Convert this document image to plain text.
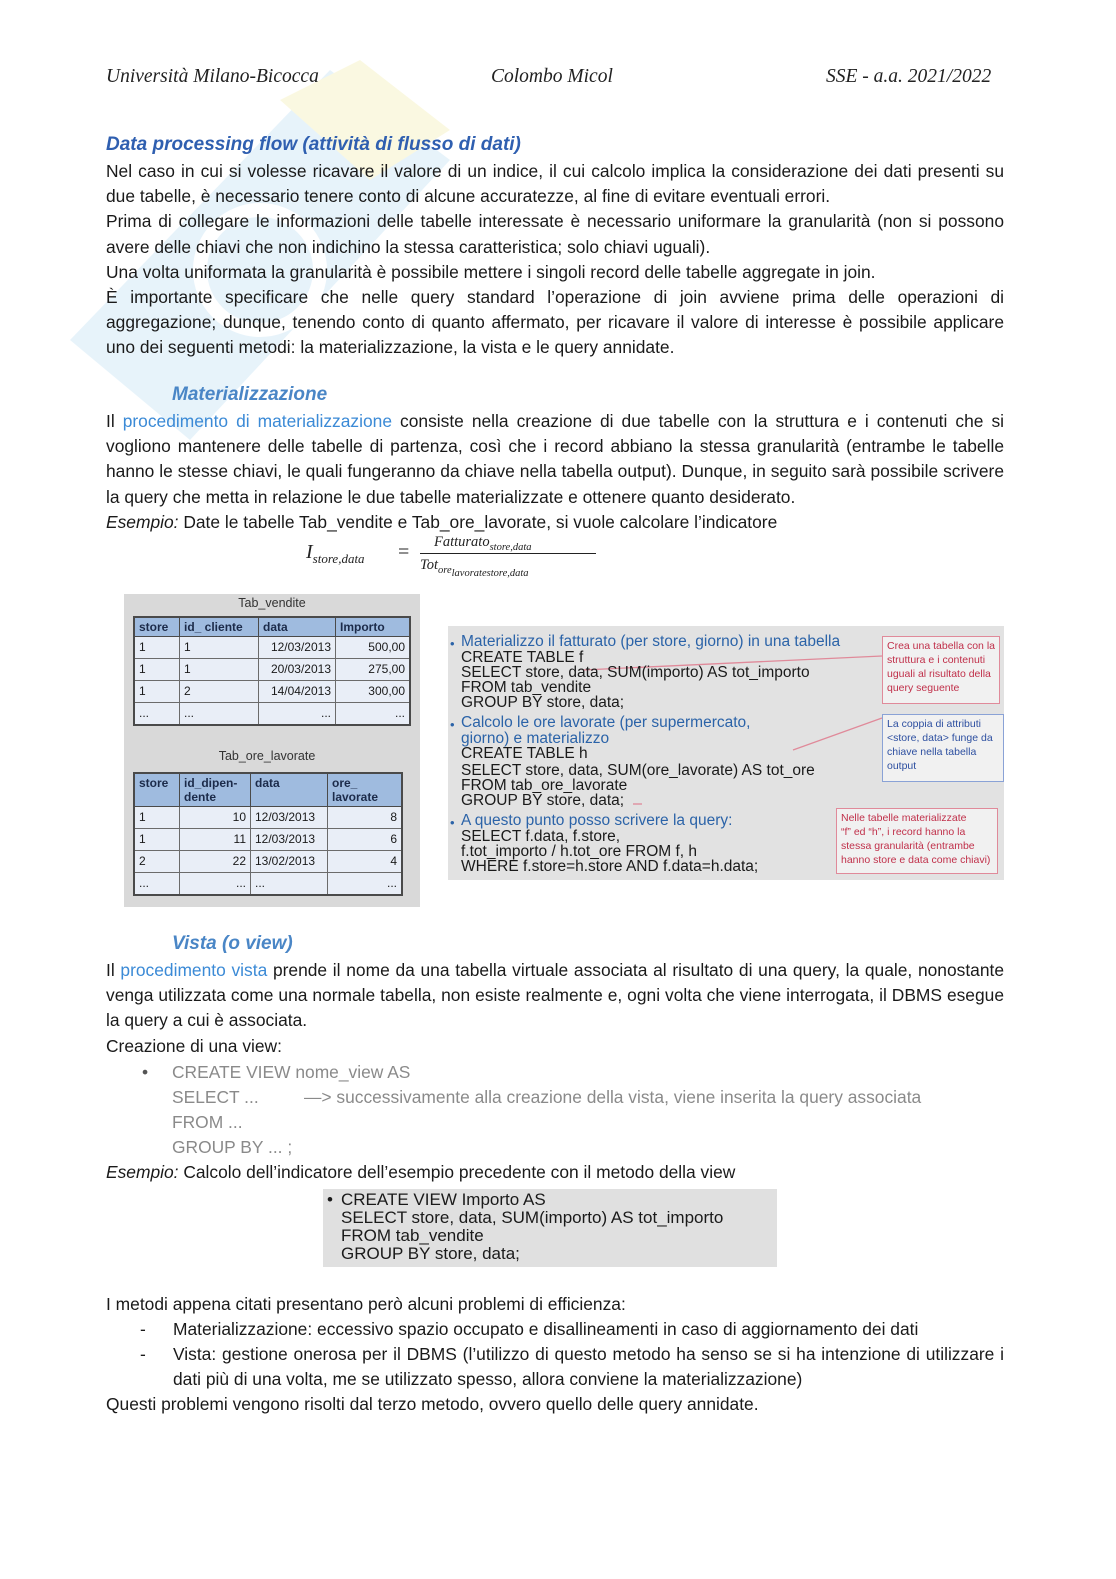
Università Milano-Bicocca	Colombo Micol	SSE - a.a. 2021/2022
Data processing flow (attività di flusso di dati)

Nel caso in cui si volesse ricavare il valore di un indice, il cui calcolo implica la considerazione dei dati presenti su due tabelle, è necessario tenere conto di alcune accuratezze, al fine di evitare eventuali errori.

Prima di collegare le informazioni delle tabelle interessate è necessario uniformare la granularità (non si possono avere delle chiavi che non indichino la stessa caratteristica; solo chiavi uguali).

Una volta uniformata la granularità è possibile mettere i singoli record delle tabelle aggregate in join.

È importante specificare che nelle query standard l’operazione di join avviene prima delle operazioni di aggregazione; dunque, tenendo conto di quanto affermato, per ricavare il valore di interesse è possibile applicare uno dei seguenti metodi: la materializzazione, la vista e le query annidate.

Materializzazione

Il procedimento di materializzazione consiste nella creazione di due tabelle con la struttura e i contenuti che si vogliono mantenere delle tabelle di partenza, così che i record abbiano la stessa granularità (entrambe le tabelle hanno le stesse chiavi, le quali fungeranno da chiave nella tabella output). Dunque, in seguito sarà possibile scrivere la query che metta in relazione le due tabelle materializzate e ottenere quanto desiderato.

Esempio: Date le tabelle Tab_vendite e Tab_ore_lavorate, si vuole calcolare l’indicatore

$I_{store,data}$ = Fatturato$_{store,data}$
Tot$_{ore_{lavoratestore,data}}$
Tab_vendite
store	id_ cliente	data	Importo
1	1	12/03/2013	500,00
1	1	20/03/2013	275,00
1	2	14/04/2013	300,00
...	...	...	...
Tab_ore_lavorate
store	id_dipen-dente	data	ore_ lavorate
1	10	12/03/2013	8
1	11	12/03/2013	6
2	22	13/02/2013	4
...	...	...	...
• Materializzo il fatturato (per store, giorno) in una tabella
CREATE TABLE f
SELECT store, data, SUM(importo) AS tot_importo
FROM tab_vendite
GROUP BY store, data;
• Calcolo le ore lavorate (per supermercato,
giorno) e materializzo
CREATE TABLE h
SELECT store, data, SUM(ore_lavorate) AS tot_ore
FROM tab_ore_lavorate
GROUP BY store, data;
• A questo punto posso scrivere la query:
SELECT f.data, f.store,
f.tot_importo / h.tot_ore FROM f, h
WHERE f.store=h.store AND f.data=h.data;
Crea una tabella con la
struttura e i contenuti
uguali al risultato della
query seguente
La coppia di attributi
<store, data> funge da
chiave nella tabella
output
Nelle tabelle materializzate
“f” ed “h”, i record hanno la
stessa granularità (entrambe
hanno store e data come chiavi)
Vista (o view)

Il procedimento vista prende il nome da una tabella virtuale associata al risultato di una query, la quale, nonostante venga utilizzata come una normale tabella, non esiste realmente e, ogni volta che viene interrogata, il DBMS esegue la query a cui è associata.

Creazione di una view:

• CREATE VIEW nome_view AS
SELECT ...	—> successivamente alla creazione della vista, viene inserita la query associata
FROM ...
GROUP BY ... ;

Esempio: Calcolo dell’indicatore dell’esempio precedente con il metodo della view

• CREATE VIEW Importo AS
SELECT store, data, SUM(importo) AS tot_importo
FROM tab_vendite
GROUP BY store, data;

I metodi appena citati presentano però alcuni problemi di efficienza:

- Materializzazione: eccessivo spazio occupato e disallineamenti in caso di aggiornamento dei dati

- Vista: gestione onerosa per il DBMS (l’utilizzo di questo metodo ha senso se si ha intenzione di utilizzare i dati più di una volta, me se utilizzato spesso, allora conviene la materializzazione)

Questi problemi vengono risolti dal terzo metodo, ovvero quello delle query annidate.
